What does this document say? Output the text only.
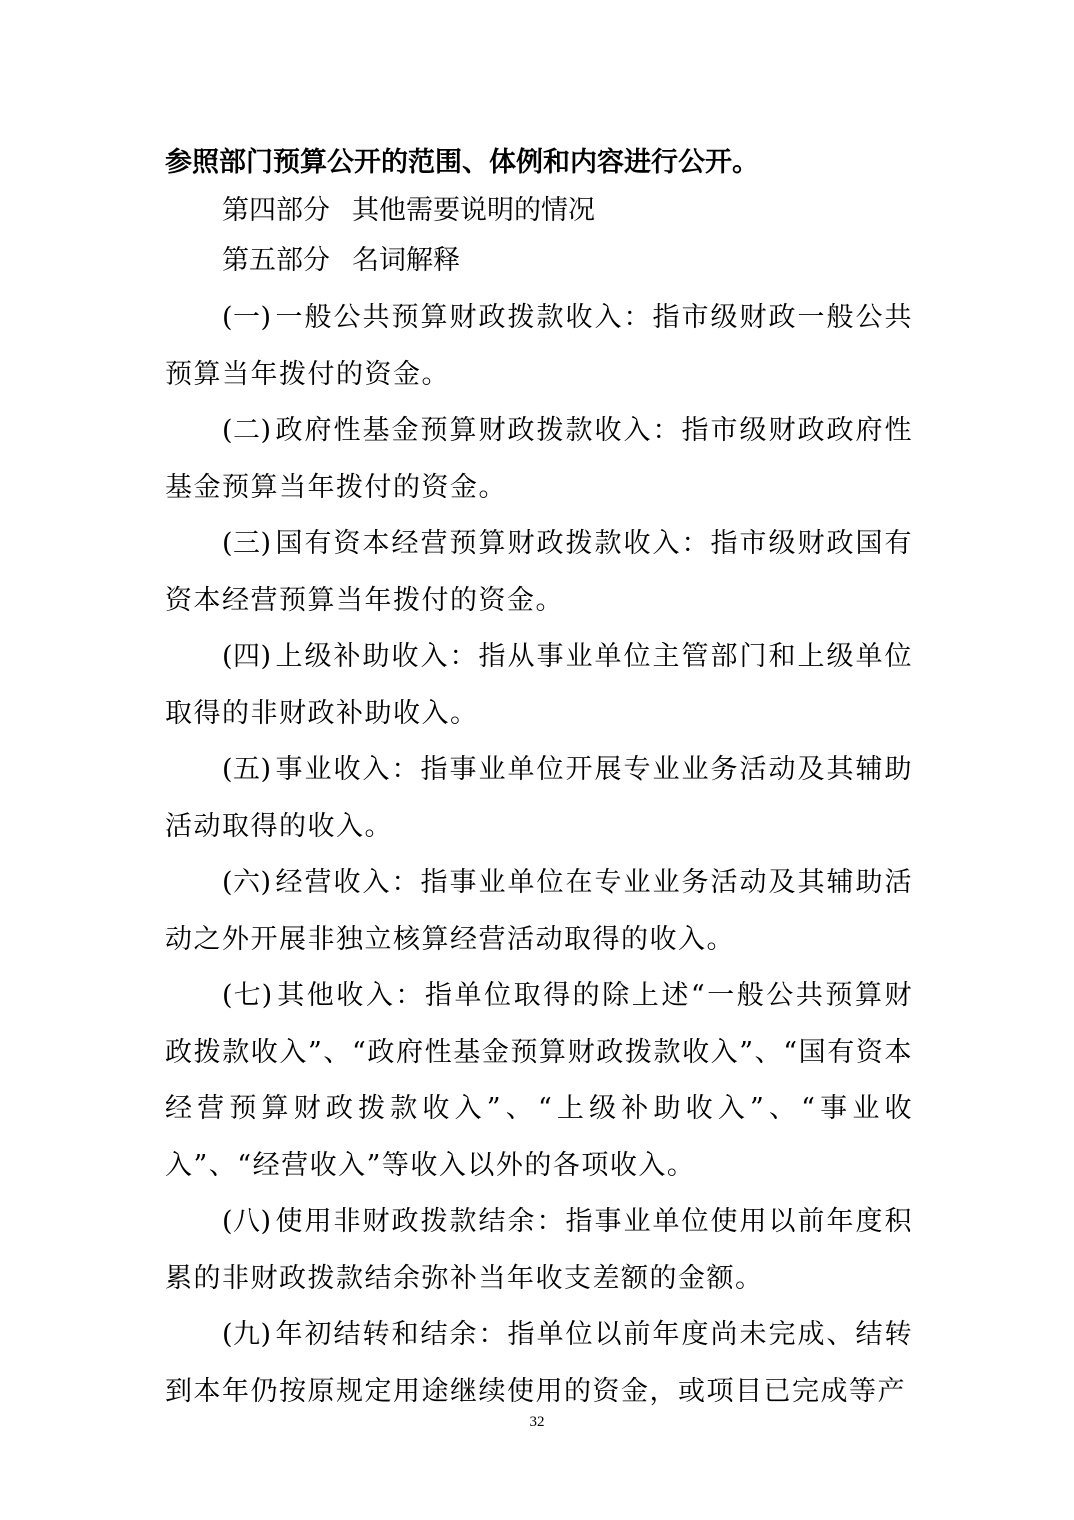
参照部门预算公开的范围、体例和内容进行公开。

第四部分 其他需要说明的情况

第五部分 名词解释

(一) 一般公共预算财政拨款收入：指市级财政一般公共预算当年拨付的资金。

(二) 政府性基金预算财政拨款收入：指市级财政政府性基金预算当年拨付的资金。

(三) 国有资本经营预算财政拨款收入：指市级财政国有资本经营预算当年拨付的资金。

(四) 上级补助收入：指从事业单位主管部门和上级单位取得的非财政补助收入。

(五) 事业收入：指事业单位开展专业业务活动及其辅助活动取得的收入。

(六) 经营收入：指事业单位在专业业务活动及其辅助活动之外开展非独立核算经营活动取得的收入。

(七) 其他收入：指单位取得的除上述“一般公共预算财政拨款收入”、“政府性基金预算财政拨款收入”、“国有资本经营预算财政拨款收入”、“上级补助收入”、“事业收入”、“经营收入”等收入以外的各项收入。

(八) 使用非财政拨款结余：指事业单位使用以前年度积累的非财政拨款结余弥补当年收支差额的金额。

(九) 年初结转和结余：指单位以前年度尚未完成、结转到本年仍按原规定用途继续使用的资金，或项目已完成等产

32
